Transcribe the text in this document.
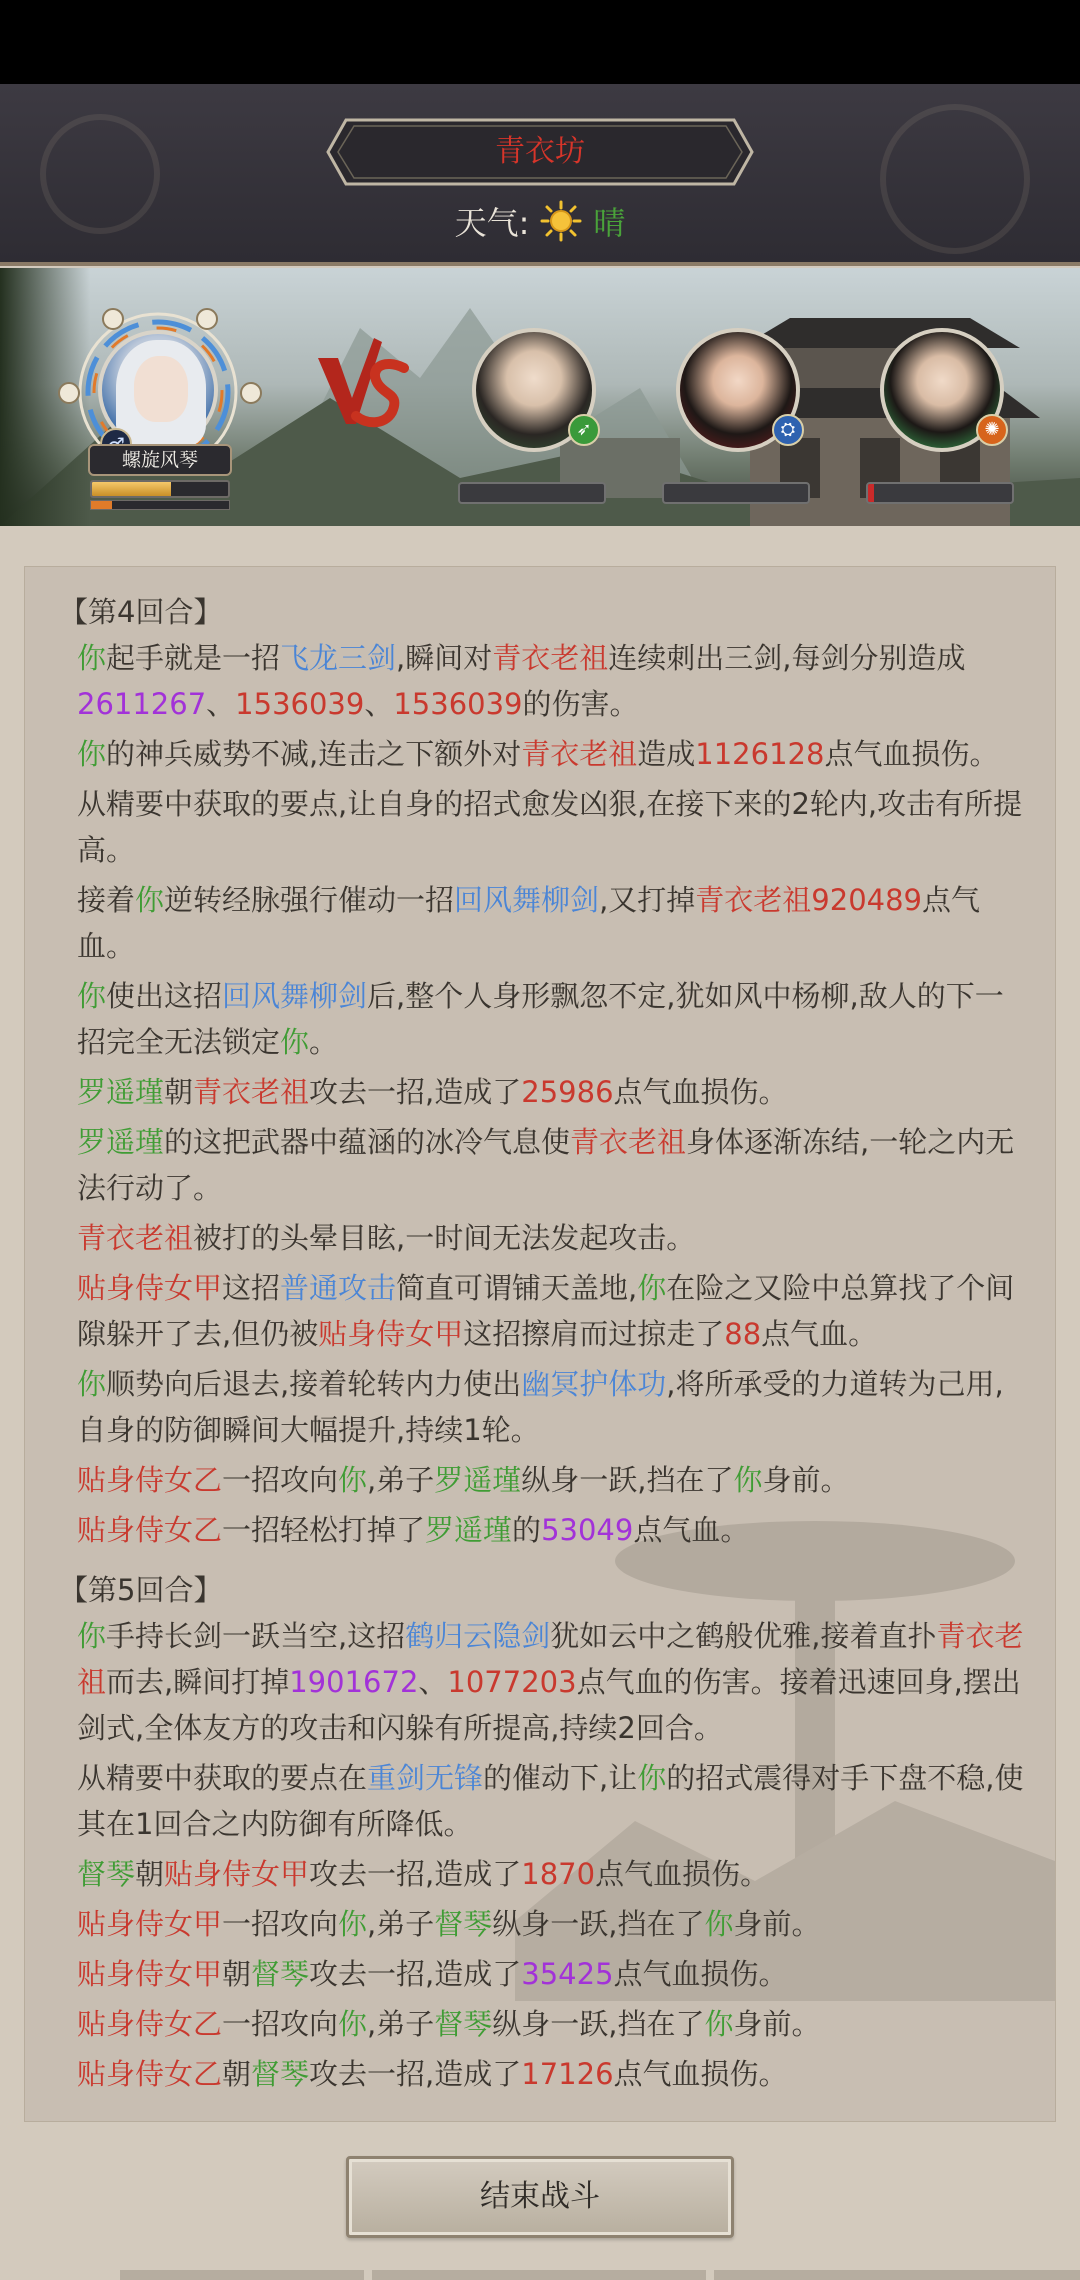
青衣坊
天气: 晴
螺旋风琴
➶	⛭	✺
【第4回合】
你起手就是一招飞龙三剑,瞬间对青衣老祖连续刺出三剑,每剑分别造成2611267、1536039、1536039的伤害。
你的神兵威势不减,连击之下额外对青衣老祖造成1126128点气血损伤。
从精要中获取的要点,让自身的招式愈发凶狠,在接下来的2轮内,攻击有所提高。
接着你逆转经脉强行催动一招回风舞柳剑,又打掉青衣老祖920489点气血。
你使出这招回风舞柳剑后,整个人身形飘忽不定,犹如风中杨柳,敌人的下一招完全无法锁定你。
罗遥瑾朝青衣老祖攻去一招,造成了25986点气血损伤。
罗遥瑾的这把武器中蕴涵的冰冷气息使青衣老祖身体逐渐冻结,一轮之内无法行动了。
青衣老祖被打的头晕目眩,一时间无法发起攻击。
贴身侍女甲这招普通攻击简直可谓铺天盖地,你在险之又险中总算找了个间隙躲开了去,但仍被贴身侍女甲这招擦肩而过掠走了88点气血。
你顺势向后退去,接着轮转内力使出幽冥护体功,将所承受的力道转为己用,自身的防御瞬间大幅提升,持续1轮。
贴身侍女乙一招攻向你,弟子罗遥瑾纵身一跃,挡在了你身前。
贴身侍女乙一招轻松打掉了罗遥瑾的53049点气血。
【第5回合】
你手持长剑一跃当空,这招鹤归云隐剑犹如云中之鹤般优雅,接着直扑青衣老祖而去,瞬间打掉1901672、1077203点气血的伤害。接着迅速回身,摆出剑式,全体友方的攻击和闪躲有所提高,持续2回合。
从精要中获取的要点在重剑无锋的催动下,让你的招式震得对手下盘不稳,使其在1回合之内防御有所降低。
督琴朝贴身侍女甲攻去一招,造成了1870点气血损伤。
贴身侍女甲一招攻向你,弟子督琴纵身一跃,挡在了你身前。
贴身侍女甲朝督琴攻去一招,造成了35425点气血损伤。
贴身侍女乙一招攻向你,弟子督琴纵身一跃,挡在了你身前。
贴身侍女乙朝督琴攻去一招,造成了17126点气血损伤。
结束战斗
